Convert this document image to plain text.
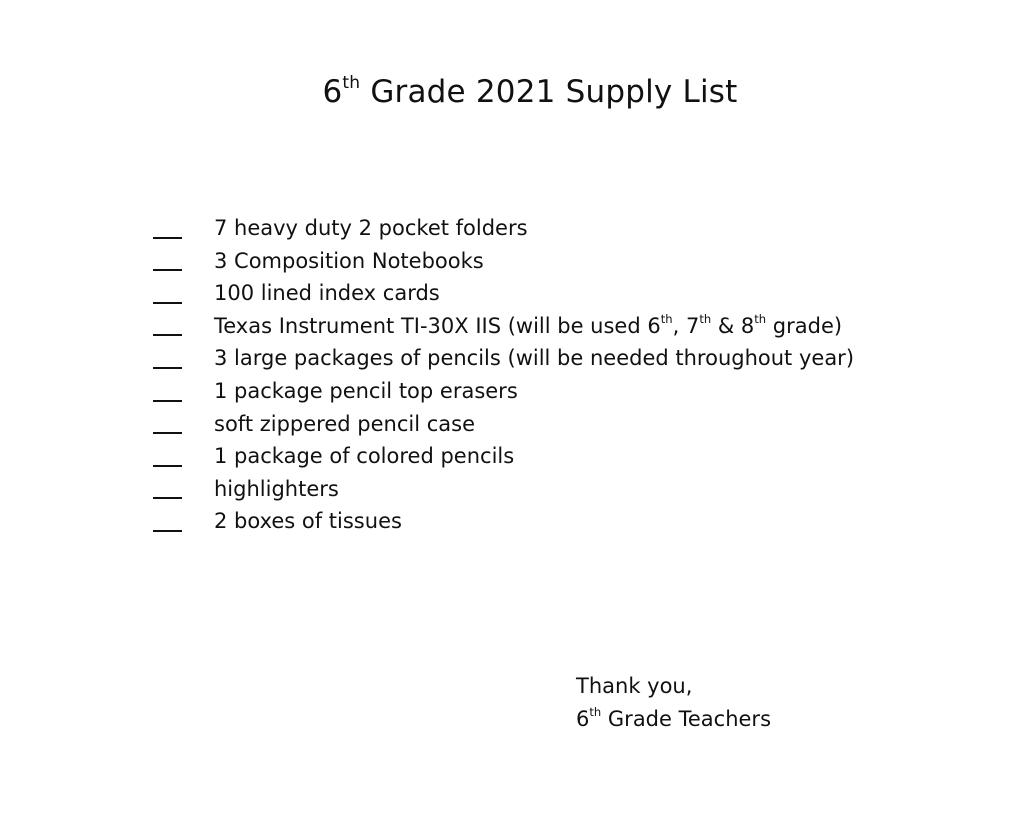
6th Grade 2021 Supply List
7 heavy duty 2 pocket folders
3 Composition Notebooks
100 lined index cards
Texas Instrument TI-30X IIS (will be used 6th, 7th & 8th grade)
3 large packages of pencils (will be needed throughout year)
1 package pencil top erasers
soft zippered pencil case
1 package of colored pencils
highlighters
2 boxes of tissues
Thank you,
6th Grade Teachers
